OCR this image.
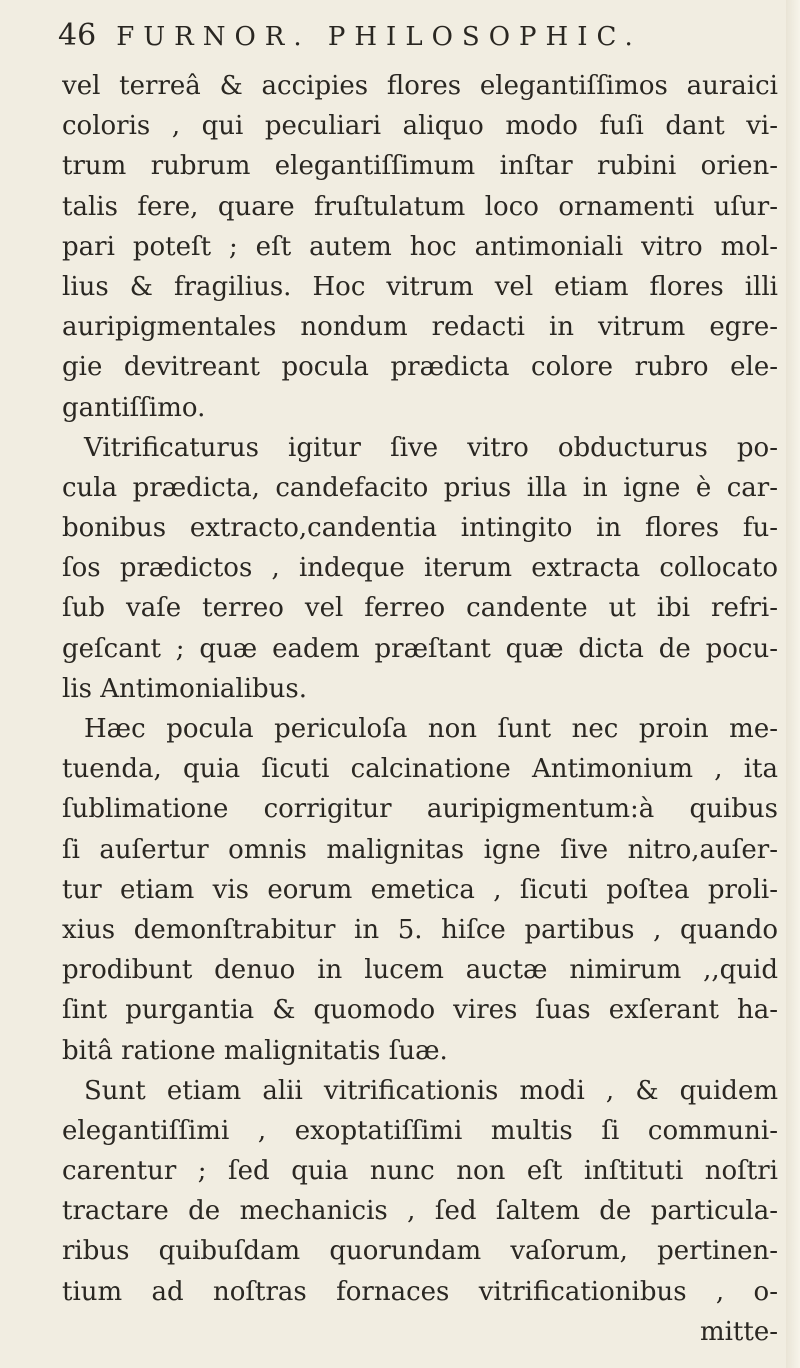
46 FURNOR. PHILOSOPHIC.
vel terreâ & accipies flores elegantiſſimos auraici
coloris , qui peculiari aliquo modo fuſi dant vi-
trum rubrum elegantiſſimum inſtar rubini orien-
talis fere, quare fruſtulatum loco ornamenti uſur-
pari poteſt ; eſt autem hoc antimoniali vitro mol-
lius & fragilius. Hoc vitrum vel etiam flores illi
auripigmentales nondum redacti in vitrum egre-
gie devitreant pocula prædicta colore rubro ele-
gantiſſimo.
Vitrificaturus igitur ſive vitro obducturus po-
cula prædicta, candefacito prius illa in igne è car-
bonibus extracto,candentia intingito in flores fu-
ſos prædictos , indeque iterum extracta collocato
ſub vaſe terreo vel ferreo candente ut ibi refri-
geſcant ; quæ eadem præſtant quæ dicta de pocu-
lis Antimonialibus.
Hæc pocula periculoſa non ſunt nec proin me-
tuenda, quia ſicuti calcinatione Antimonium , ita
ſublimatione corrigitur auripigmentum:à quibus
ſi auſertur omnis malignitas igne ſive nitro,auſer-
tur etiam vis eorum emetica , ſicuti poſtea proli-
xius demonſtrabitur in 5. hiſce partibus , quando
prodibunt denuo in lucem auctæ nimirum ,,quid
ſint purgantia & quomodo vires ſuas exſerant ha-
bitâ ratione malignitatis ſuæ.
Sunt etiam alii vitrificationis modi , & quidem
elegantiſſimi , exoptatiſſimi multis ſi communi-
carentur ; ſed quia nunc non eſt inſtituti noſtri
tractare de mechanicis , ſed ſaltem de particula-
ribus quibuſdam quorundam vaſorum, pertinen-
tium ad noſtras fornaces vitrificationibus , o-
mitte-
